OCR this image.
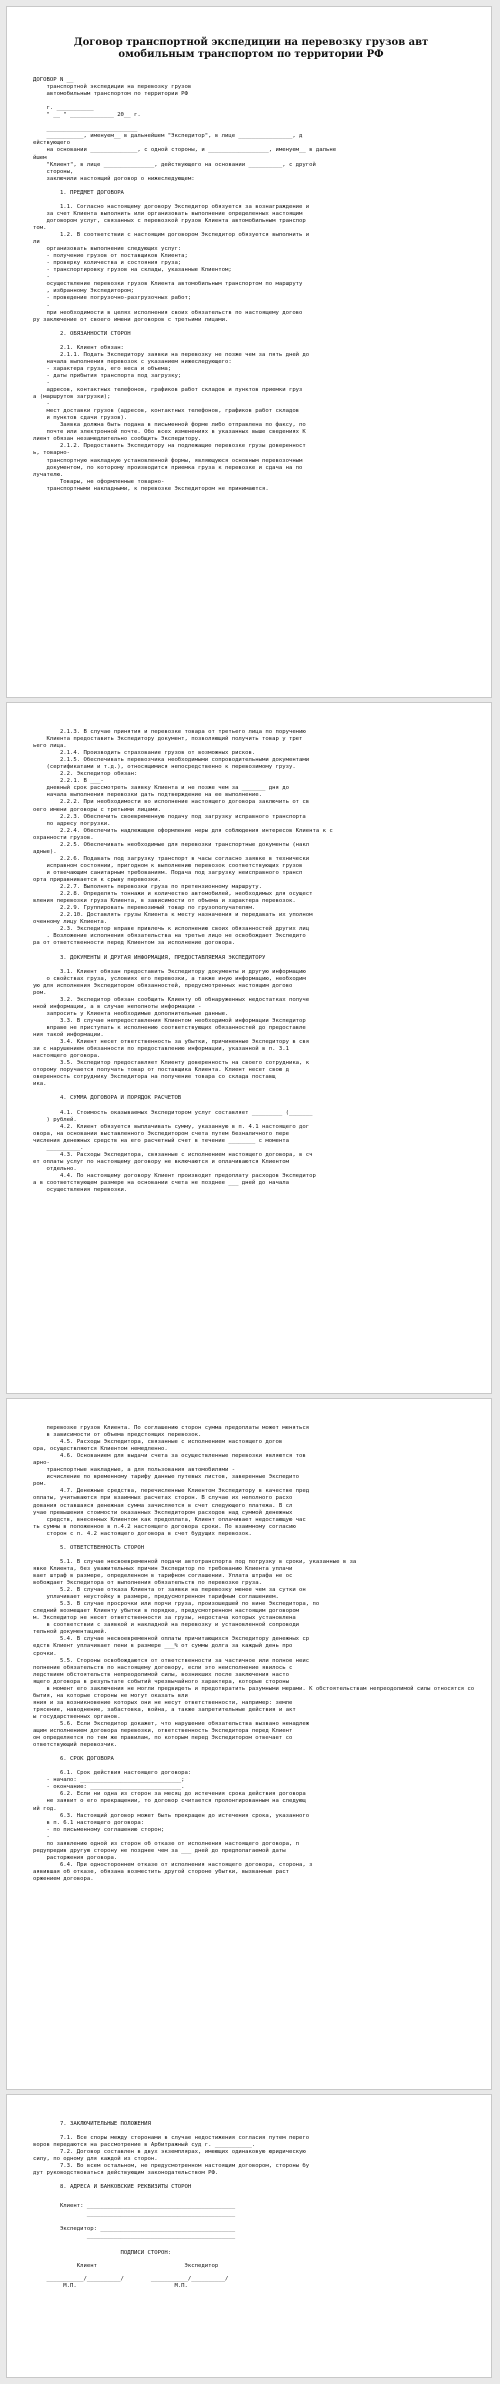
Договор транспортной экспедиции на перевозку грузов авт
омобильным транспортом по территории РФ
ДОГОВОР N __
транспортной экспедиции на перевозку грузов
автомобильным транспортом по территории РФ

г. ___________
" __ " _____________ 20__ г.

___________________________
___________, именуем__ в дальнейшем "Экспедитор", в лице ________________, д
ействующего
на основании ______________, с одной стороны, и __________________, именуем__ в дальне
йшем
"Клиент", в лице _______________, действующего на основании __________, с другой
стороны,
заключили настоящий договор о нижеследующем:

1. ПРЕДМЕТ ДОГОВОРА

1.1. Согласно настоящему договору Экспедитор обязуется за вознаграждение и
за счет Клиента выполнить или организовать выполнение определенных настоящим
договором услуг, связанных с перевозкой грузов Клиента автомобильным транспор
том.
1.2. В соответствии с настоящим договором Экспедитор обязуется выполнить и
ли
организовать выполнение следующих услуг:
- получение грузов от поставщиков Клиента;
- проверку количества и состояния груза;
- транспортировку грузов на склады, указанные Клиентом;
-
осуществление перевозки грузов Клиента автомобильным транспортом по маршруту
, избранному Экспедитором;
- проведение погрузочно-разгрузочных работ;
-
при необходимости в целях исполнения своих обязательств по настоящему догово
ру заключение от своего имени договоров с третьими лицами.

2. ОБЯЗАННОСТИ СТОРОН

2.1. Клиент обязан:
2.1.1. Подать Экспедитору заявки на перевозку не позже чем за пять дней до
начала выполнения перевозок с указанием нижеследующего:
- характера груза, его веса и объема;
- даты прибытия транспорта под загрузку;
-
адресов, контактных телефонов, графиков работ складов и пунктов приемки груз
а (маршрутов загрузки);
-
мест доставки грузов (адресов, контактных телефонов, графиков работ складов
и пунктов сдачи грузов).
Заявка должна быть подана в письменной форме либо отправлена по факсу, по
почте или электронной почте. Обо всех изменениях в указанных выше сведениях К
лиент обязан незамедлительно сообщить Экспедитору.
2.1.2. Предоставить Экспедитору на подлежащие перевозке грузы доверенност
ь, товарно-
транспортную накладную установленной формы, являющуюся основным перевозочным
документом, по которому производится приемка груза к перевозке и сдача на по
лучателю.
Товары, не оформленные товарно-
транспортными накладными, к перевозке Экспедитором не принимаются.
2.1.3. В случае принятия и перевозке товара от третьего лица по поручению
Клиента предоставить Экспедитору документ, позволяющий получить товар у трет
ьего лица.
2.1.4. Производить страхование грузов от возможных рисков.
2.1.5. Обеспечивать перевозчика необходимыми сопроводительными документами
(сертификатами и т.д.), относящимися непосредственно к перевозимому грузу.
2.2. Экспедитор обязан:
2.2.1. В ___-
дневный срок рассмотреть заявку Клиента и не позже чем за _______ дня до
начала выполнения перевозки дать подтверждение на ее выполнение.
2.2.2. При необходимости во исполнение настоящего договора заключить от св
оего имени договоры с третьими лицами.
2.2.3. Обеспечить своевременную подачу под загрузку исправного транспорта
по адресу погрузки.
2.2.4. Обеспечить надлежащее оформление неры для соблюдения интересов Клиента к с
охранности грузов.
2.2.5. Обеспечивать необходимые для перевозки транспортные документы (накл
адные).
2.2.6. Подавать под загрузку транспорт в часы согласно заявке в технически
исправном состоянии, пригодном к выполнению перевозок соответствующих грузов
и отвечающим санитарным требованиям. Подача под загрузку неисправного трансп
орта приравнивается к срыву перевозки.
2.2.7. Выполнять перевозки груза по претензионному маршруту.
2.2.8. Определять тоннажи и количество автомобилей, необходимых для осущест
вления перевозки груза Клиента, в зависимости от объема и характера перевозок.
2.2.9. Группировать перевозимый товар по грузополучателям.
2.2.10. Доставлять грузы Клиента к месту назначения и передавать их уполном
оченному лицу Клиента.
2.3. Экспедитор вправе привлечь к исполнению своих обязанностей других лиц
. Возложение исполнения обязательства на третье лицо не освобождает Экспедито
ра от ответственности перед Клиентом за исполнение договора.

3. ДОКУМЕНТЫ И ДРУГАЯ ИНФОРМАЦИЯ, ПРЕДОСТАВЛЯЕМАЯ ЭКСПЕДИТОРУ

3.1. Клиент обязан предоставить Экспедитору документы и другую информацию
о свойствах груза, условиях его перевозки, а также иную информацию, необходим
ую для исполнения Экспедитором обязанностей, предусмотренных настоящим догово
ром.
3.2. Экспедитор обязан сообщить Клиенту об обнаруженных недостатках получе
нной информации, а в случае неполноты информации -
запросить у Клиента необходимые дополнительные данные.
3.3. В случае непредоставления Клиентом необходимой информации Экспедитор
вправе не приступать к исполнению соответствующих обязанностей до предоставле
ния такой информации.
3.4. Клиент несет ответственность за убытки, причиненные Экспедитору в свя
зи с нарушением обязанности по предоставлению информации, указанной в п. 3.1
настоящего договора.
3.5. Экспедитор предоставляет Клиенту доверенность на своего сотрудника, к
оторому поручается получать товар от поставщика Клиента. Клиент несет свою д
оверенность сотруднику Экспедитора на получение товара со склада поставщ
ика.

4. СУММА ДОГОВОРА И ПОРЯДОК РАСЧЕТОВ

4.1. Стоимость оказываемых Экспедитором услуг составляет _________ (_______
) рублей.
4.2. Клиент обязуется выплачивать сумму, указанную в п. 4.1 настоящего дог
овора, на основании выставленного Экспедитором счета путем безналичного пере
числения денежных средств на его расчетный счет в течение ________ с момента
__________.
4.3. Расходы Экспедитора, связанные с исполнением настоящего договора, в сч
ет оплаты услуг по настоящему договору не включаются и оплачиваются Клиентом
отдельно.
4.4. По настоящему договору Клиент производит предоплату расходов Экспедитор
а в соответствующем размере на основании счета не позднее ___ дней до начала
осуществления перевозки.
перевозке грузов Клиента. По соглашению сторон сумма предоплаты может меняться
в зависимости от объема предстоящих перевозок.
4.5. Расходы Экспедитора, связанные с исполнением настоящего догов
ора, осуществляются Клиентом немедленно.
4.6. Основанием для выдачи счета за осуществленные перевозки являются тов
арно-
транспортные накладные, а для пользования автомобилями -
исчисление по временному тарифу данные путевых листов, заверенные Экспедито
ром.
4.7. Денежные средства, перечисленные Клиентом Экспедитору в качестве пред
оплаты, учитываются при взаимных расчетах сторон. В случае их неполного расхо
дования оставшаяся денежная сумма зачисляется в счет следующего платежа. В сл
учае превышения стоимости оказанных Экспедитором расходов над суммой денежных
средств, внесенных Клиентом как предоплата, Клиент оплачивает недостающую час
ть суммы в положенное в п.4.2 настоящего договора сроки. По взаимному согласию
сторон с п. 4.2 настоящего договора в счет будущих перевозок.

5. ОТВЕТСТВЕННОСТЬ СТОРОН

5.1. В случае несвоевременной подачи автотранспорта под погрузку в сроки, указанные в за
явке Клиента, без уважительных причин Экспедитор по требованию Клиента уплачи
вает штраф в размере, определенном в тарифном соглашении. Уплата штрафа не ос
вобождает Экспедитора от выполнения обязательств по перевозке груза.
5.2. В случае отказа Клиента от заявки на перевозку менее чем за сутки он
уплачивает неустойку в размере, предусмотренном тарифным соглашением.
5.3. В случае просрочки или порчи груза, произошедшей по вине Экспедитора, по
следний возмещает Клиенту убытки в порядке, предусмотренном настоящим договором
м. Экспедитор не несет ответственности за грузы, недостача которых установлена
в соответствии с заявкой и накладной на перевозку и установленной сопроводи
тельной документацией.
5.4. В случае несвоевременной оплаты причитающихся Экспедитору денежных ср
едств Клиент уплачивает пени в размере ___% от суммы долга за каждый день про
срочки.
5.5. Стороны освобождаются от ответственности за частичное или полное неис
полнение обязательств по настоящему договору, если это неисполнение явилось с
ледствием обстоятельств непреодолимой силы, возникших после заключения насто
ящего договора в результате событий чрезвычайного характера, которые стороны
в момент его заключения не могли предвидеть и предотвратить разумными мерами. К обстоятельствам непреодолимой силы относятся со
бытия, на которые стороны не могут оказать вли
яния и за возникновение которых они не несут ответственности, например: земле
трясение, наводнение, забастовка, война, а также запретительные действия и акт
ы государственных органов.
5.6. Если Экспедитор докажет, что нарушение обязательства вызвано ненадлеж
ащим исполнением договора перевозки, ответственность Экспедитора перед Клиент
ом определяется по тем же правилам, по которым перед Экспедитором отвечает со
ответствующий перевозчик.

6. СРОК ДОГОВОРА

6.1. Срок действия настоящего договора:
- начало: ______________________________;
- окончание: ___________________________.
6.2. Если ни одна из сторон за месяц до истечения срока действия договора
не заявит о его прекращении, то договор считается пролонгированным на следующ
ий год.
6.3. Настоящий договор может быть прекращен до истечения срока, указанного
в п. 6.1 настоящего договора:
- по письменному соглашению сторон;
-
по заявлению одной из сторон об отказе от исполнения настоящего договора, п
редупредив другую сторону не позднее чем за ___ дней до предполагаемой даты
расторжения договора.
6.4. При одностороннем отказе от исполнения настоящего договора, сторона, з
аявившая об отказе, обязана возместить другой стороне убытки, вызванные раст
оржением договора.
7. ЗАКЛЮЧИТЕЛЬНЫЕ ПОЛОЖЕНИЯ

7.1. Все споры между сторонами в случае недостижения согласия путем перего
воров передаются на рассмотрение в Арбитражный суд г. ___________.
7.2. Договор составлен в двух экземплярах, имеющих одинаковую юридическую
силу, по одному для каждой из сторон.
7.3. Во всем остальном, не предусмотренном настоящим договором, стороны бу
дут руководствоваться действующим законодательством РФ.

8. АДРЕСА И БАНКОВСКИЕ РЕКВИЗИТЫ СТОРОН
Клиент: ____________________________________________
____________________________________________
Экспедитор: ________________________________________
____________________________________________
ПОДПИСИ СТОРОН:
Клиент                          Экспедитор
___________/__________/        ___________/__________/
М.П.                             М.П.
